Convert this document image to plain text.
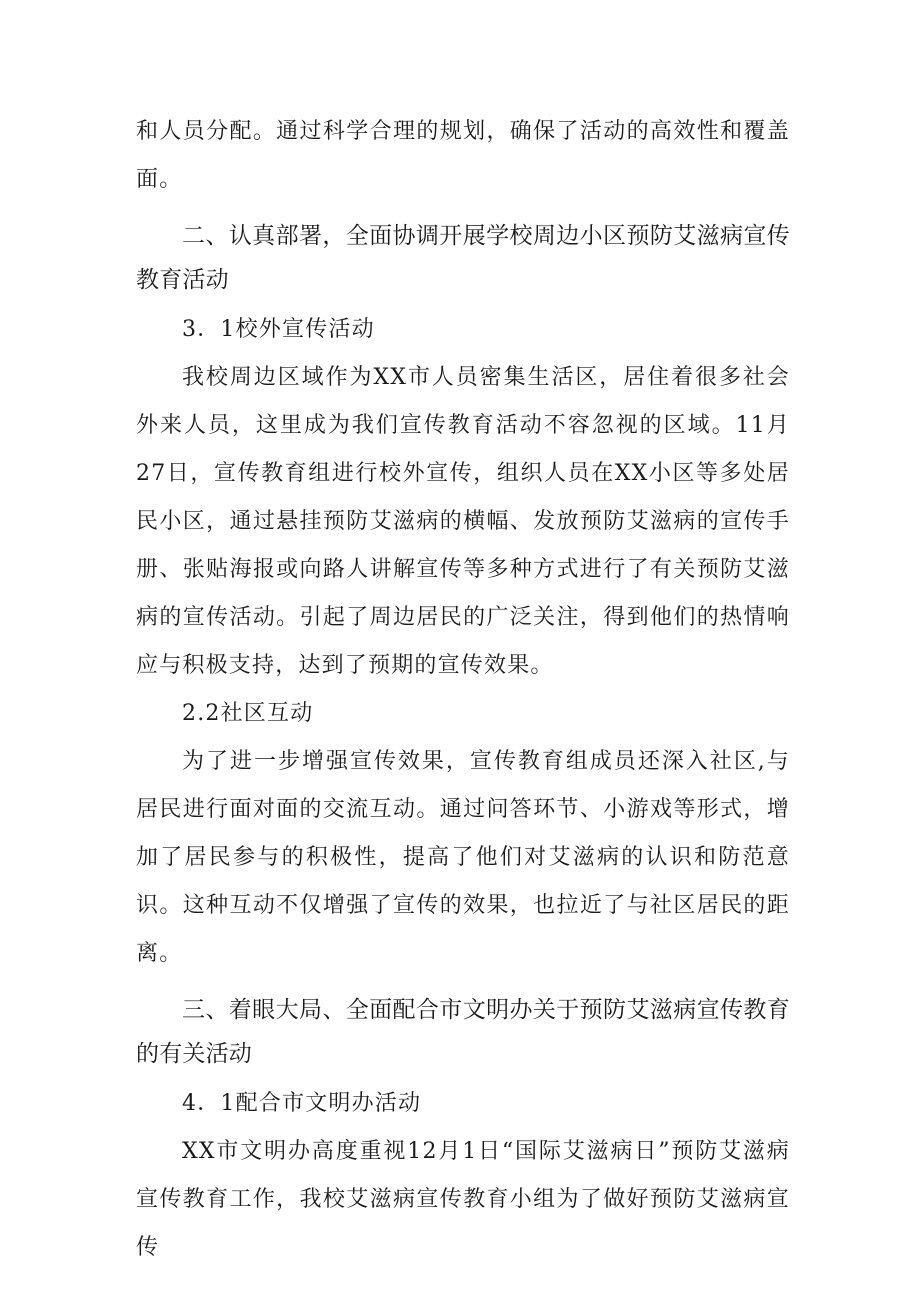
和人员分配。通过科学合理的规划，确保了活动的高效性和覆盖面。

二、认真部署，全面协调开展学校周边小区预防艾滋病宣传教育活动

3．1校外宣传活动

我校周边区域作为XX市人员密集生活区，居住着很多社会外来人员，这里成为我们宣传教育活动不容忽视的区域。11月27日，宣传教育组进行校外宣传，组织人员在XX小区等多处居民小区，通过悬挂预防艾滋病的横幅、发放预防艾滋病的宣传手册、张贴海报或向路人讲解宣传等多种方式进行了有关预防艾滋病的宣传活动。引起了周边居民的广泛关注，得到他们的热情响应与积极支持，达到了预期的宣传效果。

2.2社区互动

为了进一步增强宣传效果，宣传教育组成员还深入社区,与居民进行面对面的交流互动。通过问答环节、小游戏等形式，增加了居民参与的积极性，提高了他们对艾滋病的认识和防范意识。这种互动不仅增强了宣传的效果，也拉近了与社区居民的距离。

三、着眼大局、全面配合市文明办关于预防艾滋病宣传教育的有关活动

4．1配合市文明办活动

XX市文明办高度重视12月1日“国际艾滋病日”预防艾滋病宣传教育工作，我校艾滋病宣传教育小组为了做好预防艾滋病宣传
